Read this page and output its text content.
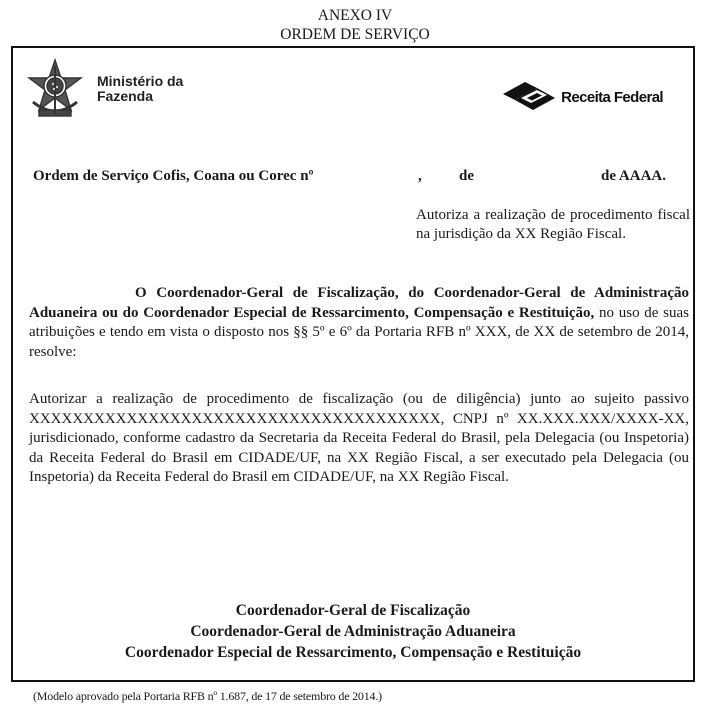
ANEXO IV
ORDEM DE SERVIÇO
Ministério da
Fazenda	Receita Federal
Ordem de Serviço Cofis, Coana ou Corec nº	, de	de AAAA.
Autoriza a realização de procedimento fiscal na jurisdição da XX Região Fiscal.
O Coordenador-Geral de Fiscalização, do Coordenador-Geral de Administração Aduaneira ou do Coordenador Especial de Ressarcimento, Compensação e Restituição, no uso de suas atribuições e tendo em vista o disposto nos §§ 5º e 6º da Portaria RFB nº XXX, de XX de setembro de 2014, resolve:
Autorizar a realização de procedimento de fiscalização (ou de diligência) junto ao sujeito passivo XXXXXXXXXXXXXXXXXXXXXXXXXXXXXXXXXXXXXX, CNPJ nº XX.XXX.XXX/XXXX-XX, jurisdicionado, conforme cadastro da Secretaria da Receita Federal do Brasil, pela Delegacia (ou Inspetoria) da Receita Federal do Brasil em CIDADE/UF, na XX Região Fiscal, a ser executado pela Delegacia (ou Inspetoria) da Receita Federal do Brasil em CIDADE/UF, na XX Região Fiscal.
Coordenador-Geral de Fiscalização
Coordenador-Geral de Administração Aduaneira
Coordenador Especial de Ressarcimento, Compensação e Restituição
(Modelo aprovado pela Portaria RFB nº 1.687, de 17 de setembro de 2014.)
